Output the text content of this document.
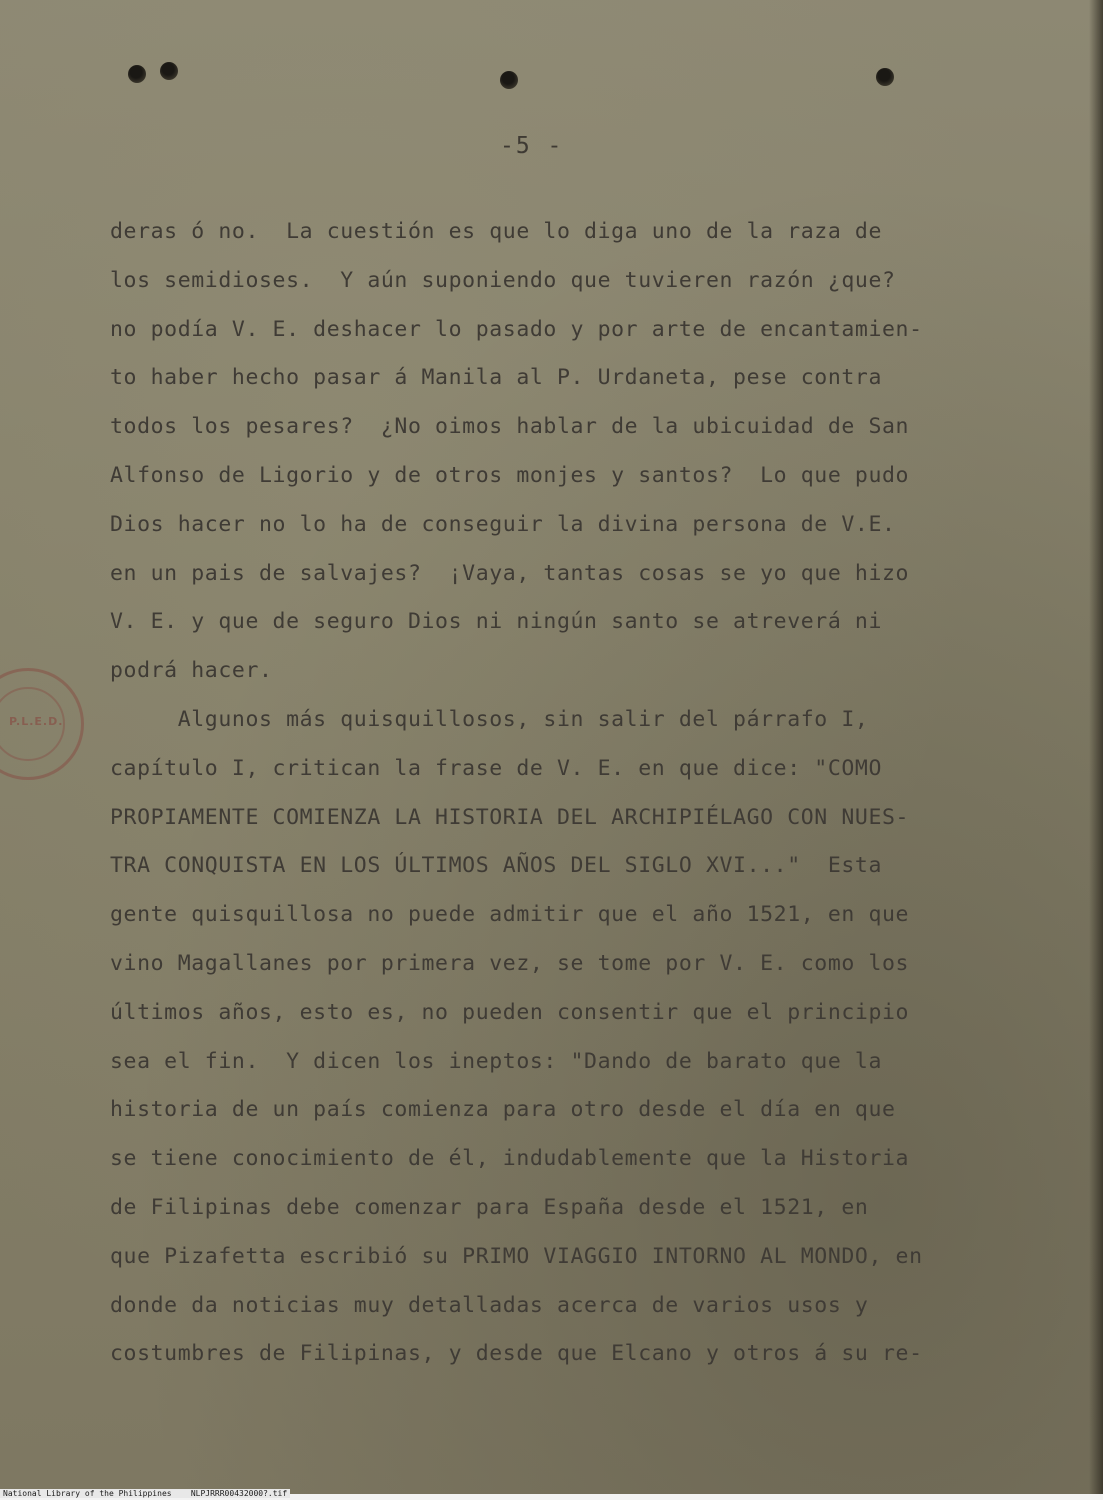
-5 -
P.L.E.D.
deras ó no.  La cuestión es que lo diga uno de la raza de
los semidioses.  Y aún suponiendo que tuvieren razón ¿que?
no podía V. E. deshacer lo pasado y por arte de encantamien-
to haber hecho pasar á Manila al P. Urdaneta, pese contra
todos los pesares?  ¿No oimos hablar de la ubicuidad de San
Alfonso de Ligorio y de otros monjes y santos?  Lo que pudo
Dios hacer no lo ha de conseguir la divina persona de V.E.
en un pais de salvajes?  ¡Vaya, tantas cosas se yo que hizo
V. E. y que de seguro Dios ni ningún santo se atreverá ni
podrá hacer.
Algunos más quisquillosos, sin salir del párrafo I,
capítulo I, critican la frase de V. E. en que dice: "COMO
PROPIAMENTE COMIENZA LA HISTORIA DEL ARCHIPIÉLAGO CON NUES-
TRA CONQUISTA EN LOS ÚLTIMOS AÑOS DEL SIGLO XVI..."  Esta
gente quisquillosa no puede admitir que el año 1521, en que
vino Magallanes por primera vez, se tome por V. E. como los
últimos años, esto es, no pueden consentir que el principio
sea el fin.  Y dicen los ineptos: "Dando de barato que la
historia de un país comienza para otro desde el día en que
se tiene conocimiento de él, indudablemente que la Historia
de Filipinas debe comenzar para España desde el 1521, en
que Pizafetta escribió su PRIMO VIAGGIO INTORNO AL MONDO, en
donde da noticias muy detalladas acerca de varios usos y
costumbres de Filipinas, y desde que Elcano y otros á su re-
National Library of the Philippines    NLPJRRR00432000?.tif
